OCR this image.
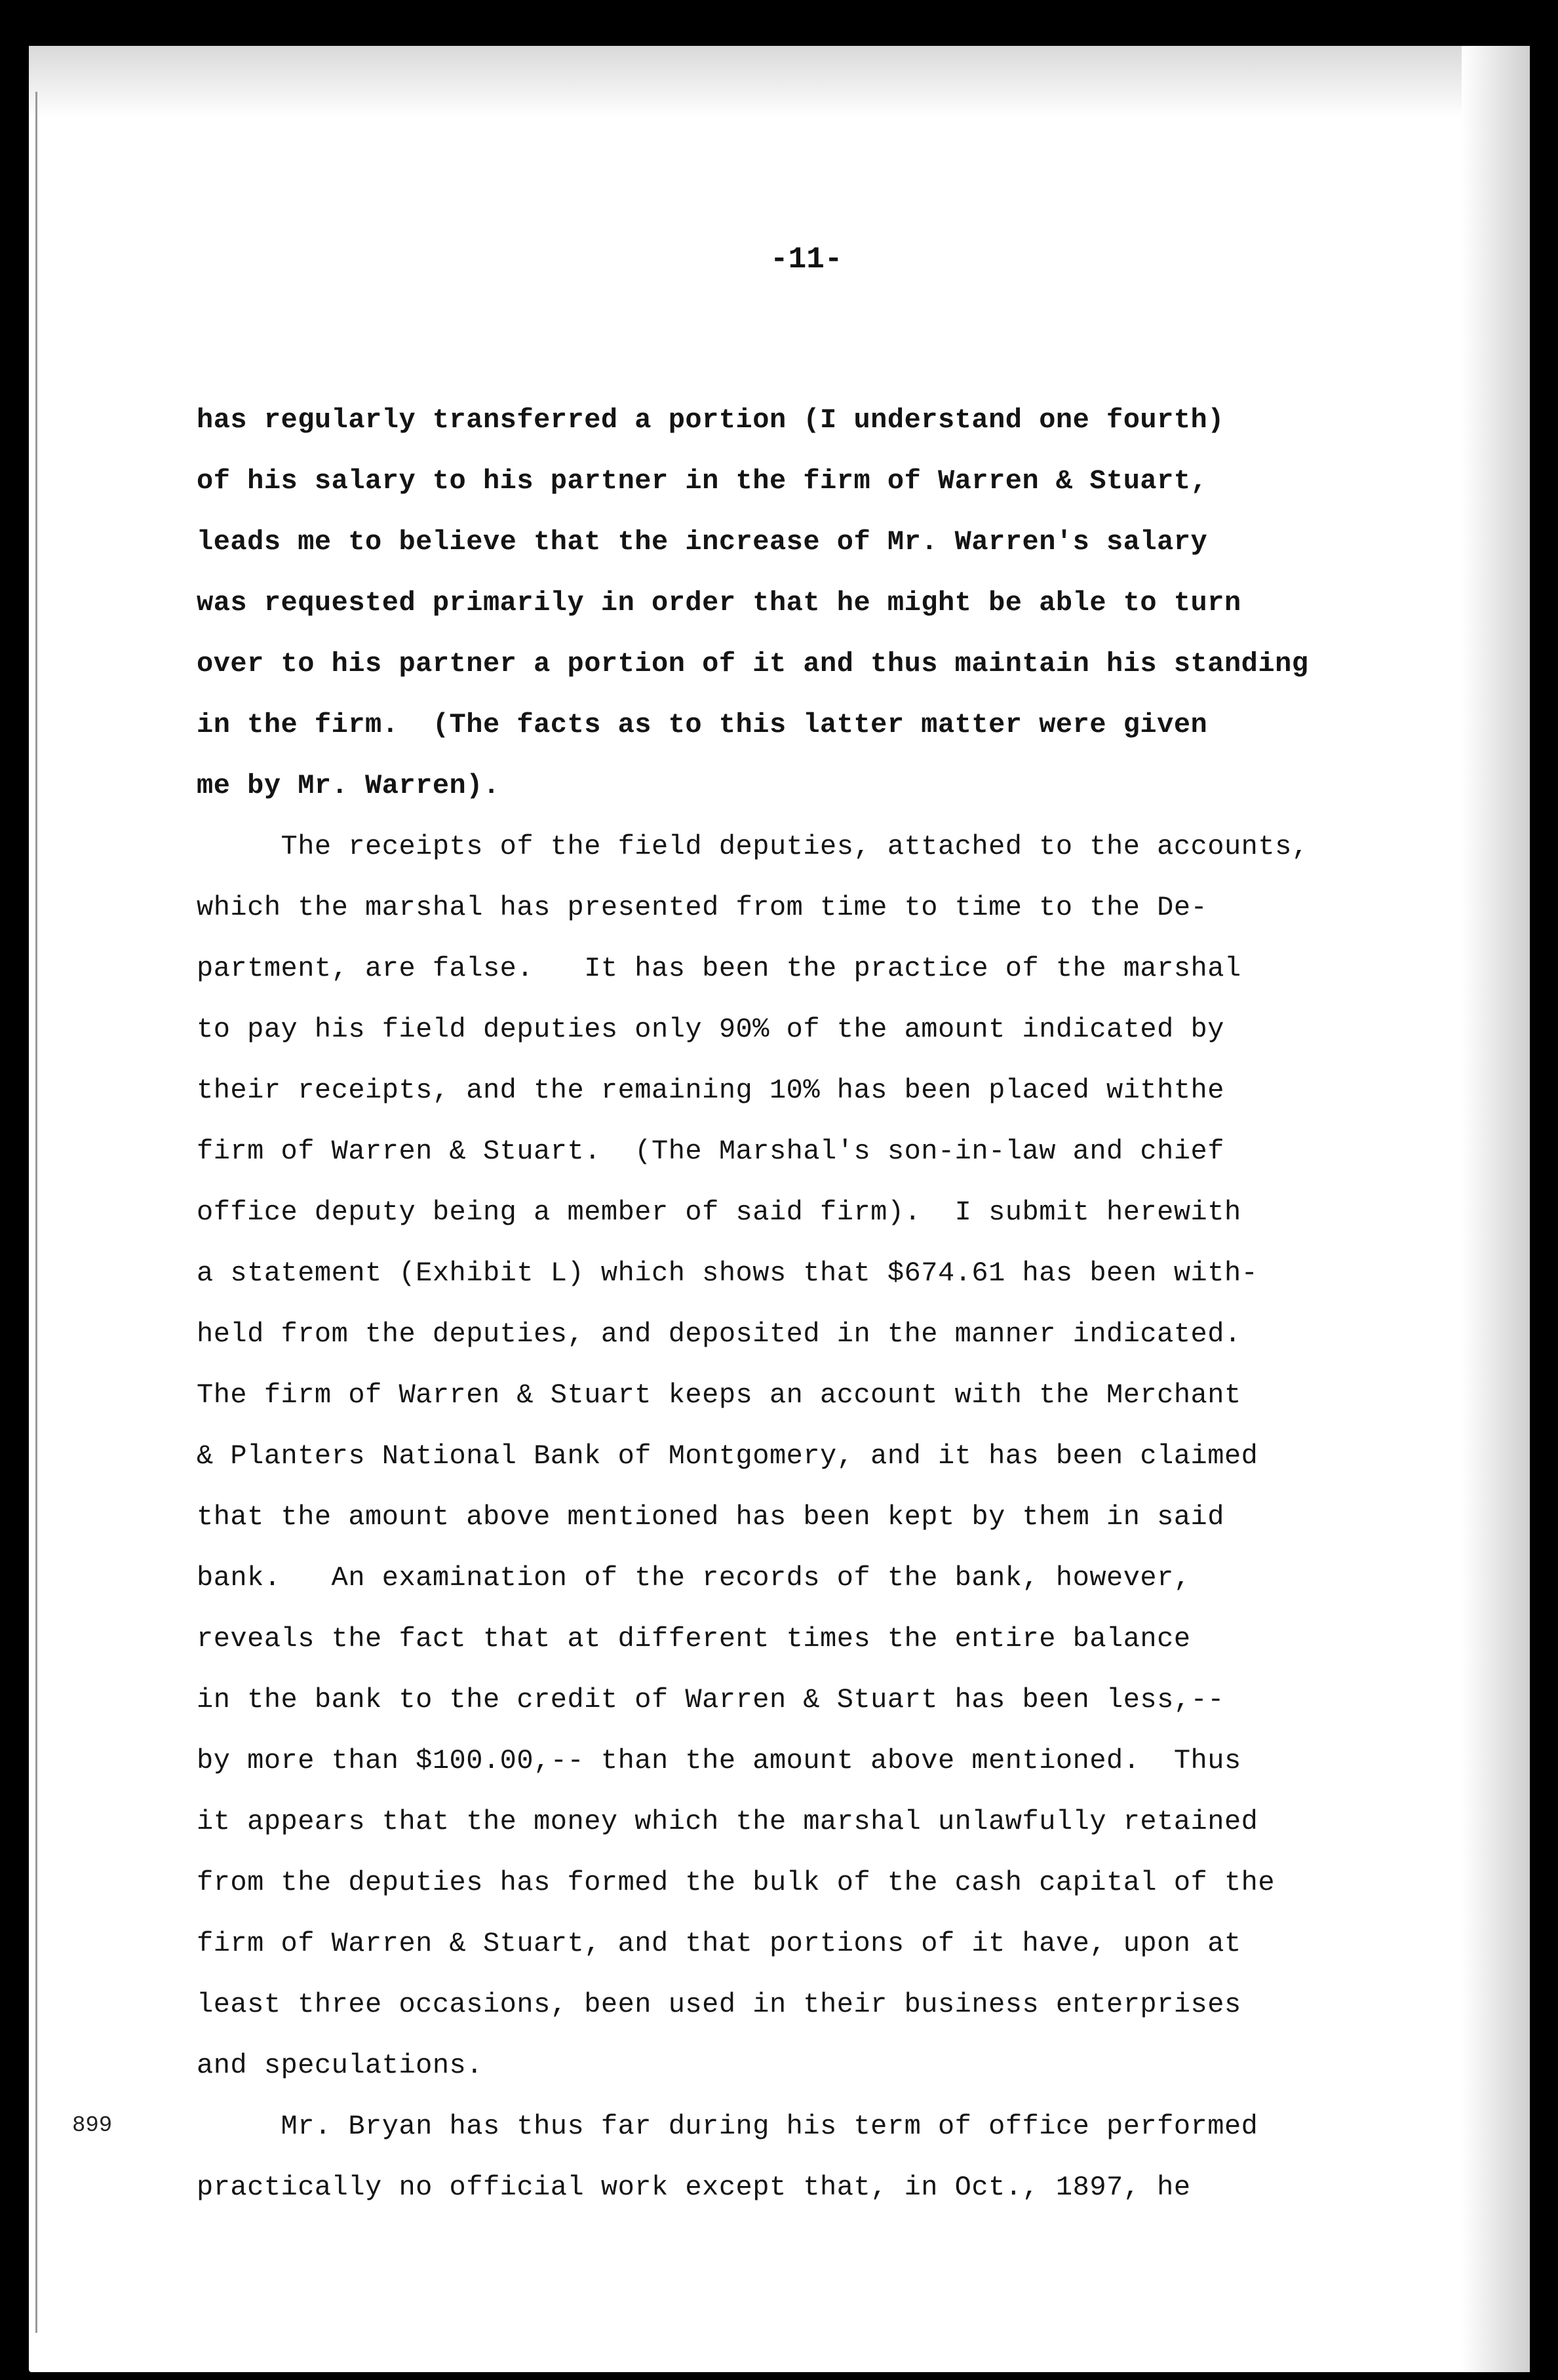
-11-
899
has regularly transferred a portion (I understand one fourth)
of his salary to his partner in the firm of Warren & Stuart,
leads me to believe that the increase of Mr. Warren's salary
was requested primarily in order that he might be able to turn
over to his partner a portion of it and thus maintain his standing
in the firm.  (The facts as to this latter matter were given
me by Mr. Warren).
The receipts of the field deputies, attached to the accounts,
which the marshal has presented from time to time to the De-
partment, are false.   It has been the practice of the marshal
to pay his field deputies only 90% of the amount indicated by
their receipts, and the remaining 10% has been placed withthe
firm of Warren & Stuart.  (The Marshal's son-in-law and chief
office deputy being a member of said firm).  I submit herewith
a statement (Exhibit L) which shows that $674.61 has been with-
held from the deputies, and deposited in the manner indicated.
The firm of Warren & Stuart keeps an account with the Merchant
& Planters National Bank of Montgomery, and it has been claimed
that the amount above mentioned has been kept by them in said
bank.   An examination of the records of the bank, however,
reveals the fact that at different times the entire balance
in the bank to the credit of Warren & Stuart has been less,--
by more than $100.00,-- than the amount above mentioned.  Thus
it appears that the money which the marshal unlawfully retained
from the deputies has formed the bulk of the cash capital of the
firm of Warren & Stuart, and that portions of it have, upon at
least three occasions, been used in their business enterprises
and speculations.
Mr. Bryan has thus far during his term of office performed
practically no official work except that, in Oct., 1897, he
